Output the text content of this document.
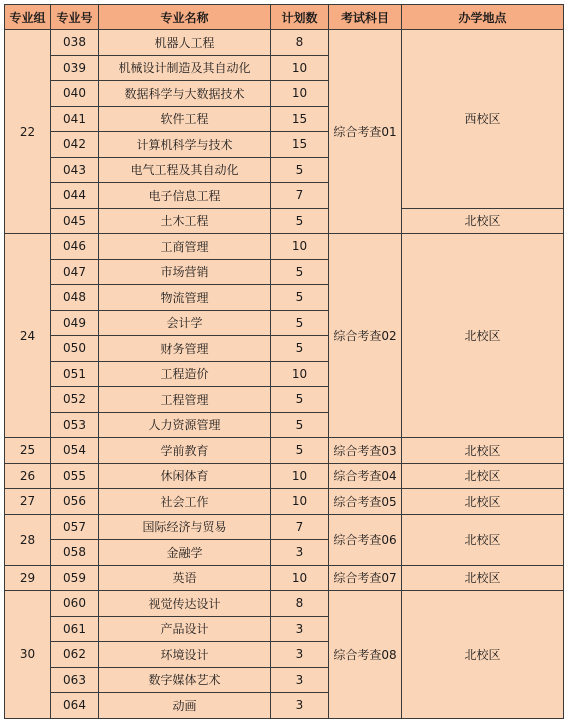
专业组	专业号	专业名称	计划数	考试科目	办学地点
22	038	机器人工程	8	综合考查01	西校区
	039	机械设计制造及其自动化	10		
	040	数据科学与大数据技术	10		
	041	软件工程	15		
	042	计算机科学与技术	15		
	043	电气工程及其自动化	5		
	044	电子信息工程	7		
	045	土木工程	5		北校区
24	046	工商管理	10	综合考查02	北校区
	047	市场营销	5		
	048	物流管理	5		
	049	会计学	5		
	050	财务管理	5		
	051	工程造价	10		
	052	工程管理	5		
	053	人力资源管理	5		
25	054	学前教育	5	综合考查03	北校区
26	055	休闲体育	10	综合考查04	北校区
27	056	社会工作	10	综合考查05	北校区
28	057	国际经济与贸易	7	综合考查06	北校区
	058	金融学	3		
29	059	英语	10	综合考查07	北校区
30	060	视觉传达设计	8	综合考查08	北校区
	061	产品设计	3		
	062	环境设计	3		
	063	数字媒体艺术	3		
	064	动画	3		
